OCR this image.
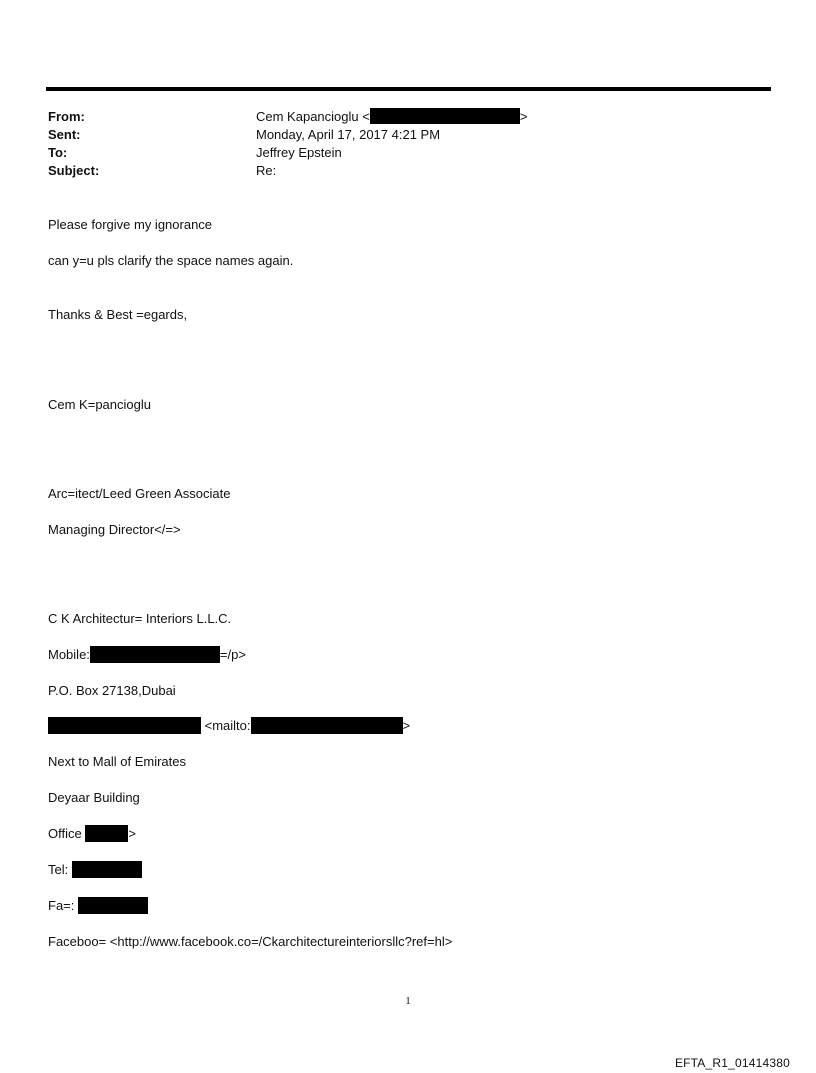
From:	Cem Kapancioglu <	>
Sent:	Monday, April 17, 2017 4:21 PM
To:	Jeffrey Epstein
Subject:	Re:
Please forgive my ignorance
can y=u pls clarify the space names again.
Thanks & Best =egards,
Cem K=pancioglu
Arc=itect/Leed Green Associate
Managing Director</=>
C K Architectur= Interiors L.L.C.
Mobile:	=/p>
P.O. Box 27138,Dubai
<mailto:	>
Next to Mall of Emirates
Deyaar Building
Office	>
Tel:
Fa=:
Faceboo= <http://www.facebook.co=/Ckarchitectureinteriorsllc?ref=hl>
1
EFTA_R1_01414380
